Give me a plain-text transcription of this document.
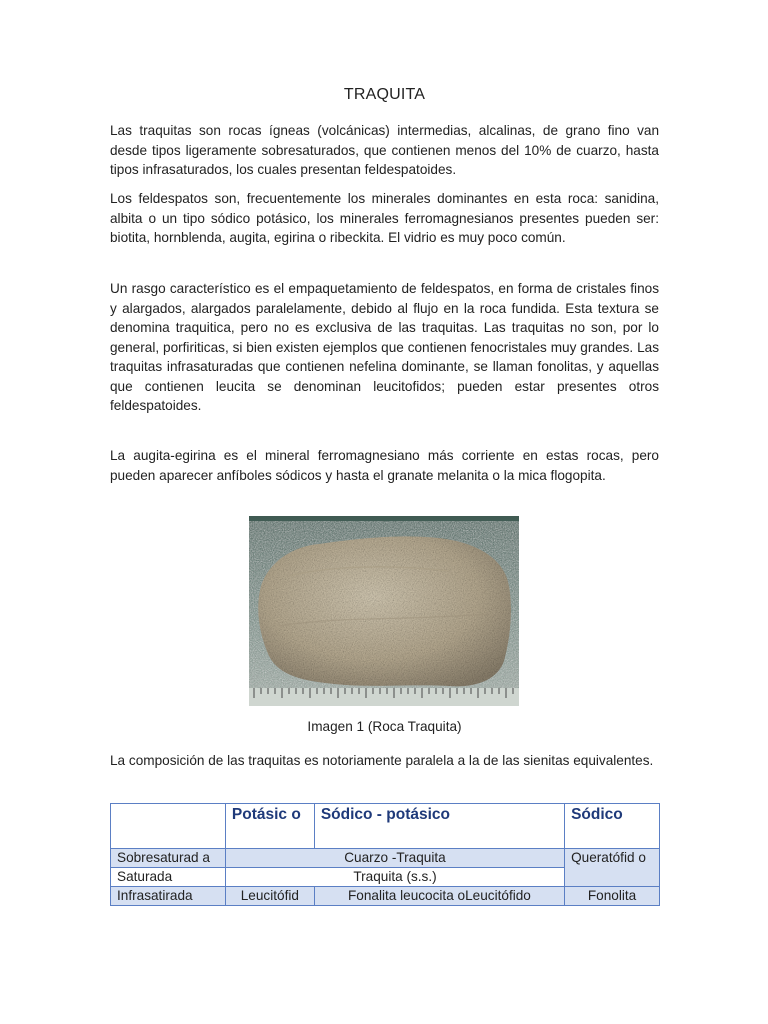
TRAQUITA

Las traquitas son rocas ígneas (volcánicas) intermedias, alcalinas, de grano fino van desde tipos ligeramente sobresaturados, que contienen menos del 10% de cuarzo, hasta tipos infrasaturados, los cuales presentan feldespatoides.

Los feldespatos son, frecuentemente los minerales dominantes en esta roca: sanidina, albita o un tipo sódico potásico, los minerales ferromagnesianos presentes pueden ser: biotita, hornblenda, augita, egirina o ribeckita. El vidrio es muy poco común.

Un rasgo característico es el empaquetamiento de feldespatos, en forma de cristales finos y alargados, alargados paralelamente, debido al flujo en la roca fundida. Esta textura se denomina traquitica, pero no es exclusiva de las traquitas. Las traquitas no son, por lo general, porfiriticas, si bien existen ejemplos que contienen fenocristales muy grandes. Las traquitas infrasaturadas que contienen nefelina dominante, se llaman fonolitas, y aquellas que contienen leucita se denominan leucitofidos; pueden estar presentes otros feldespatoides.

La augita-egirina es el mineral ferromagnesiano más corriente en estas rocas, pero pueden aparecer anfíboles sódicos y hasta el granate melanita o la mica flogopita.

Imagen 1 (Roca Traquita)

La composición de las traquitas es notoriamente paralela a la de las sienitas equivalentes.

	Potásic o	Sódico - potásico	Sódico
Sobresaturad a	Cuarzo -Traquita		Queratófid o
Saturada	Traquita (s.s.)		
Infrasatirada	Leucitófid	Fonalita leucocita oLeucitófido	Fonolita
